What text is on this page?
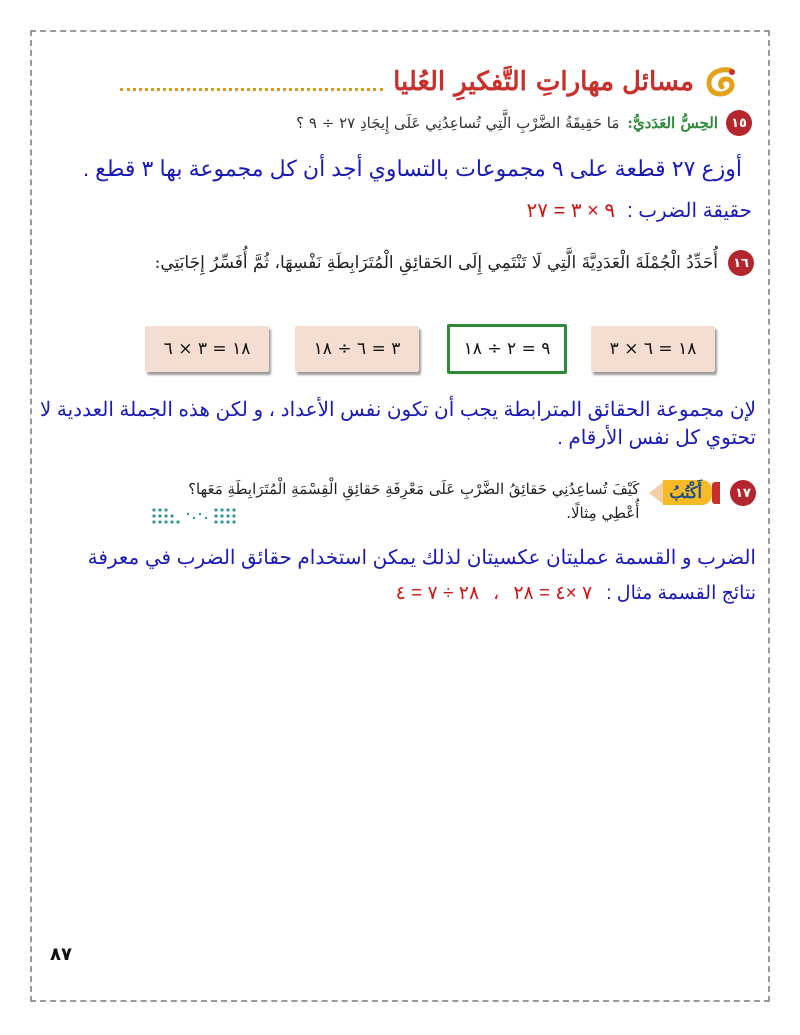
مسائل
مهاراتِ التَّفكيرِ العُليا
١٥
الحِسُّ العَدَديُّ:
مَا حَقِيقَةُ الضَّرْبِ الَّتِي تُساعِدُنِي عَلَى إِيجَادِ ٢٧ ÷ ٩ ؟
أوزع ٢٧ قطعة على ٩ مجموعات بالتساوي أجد أن كل مجموعة بها ٣ قطع .
حقيقة الضرب :
٩ × ٣ = ٢٧
١٦
أُحَدِّدُ الْجُمْلَةَ الْعَدَدِيَّةَ الَّتِي لَا تَنْتَمِي إِلَى الحَقائِقِ الْمُتَرَابِطَةِ نَفْسِهَا، ثُمَّ أُفَسِّرُ إِجَابَتِي:
١٨ = ٣ × ٦	٣ = ٦ ÷ ١٨	٩ = ٢ ÷ ١٨	١٨ = ٦ × ٣
لإن مجموعة الحقائق المترابطة يجب أن تكون نفس الأعداد ، و لكن هذه الجملة العددية لا تحتوي كل نفس الأرقام .
١٧
أَكْتُبُ
كَيْفَ تُساعِدُنِي حَقائِقُ الضَّرْبِ عَلَى مَعْرِفَةِ حَقائِقِ الْقِسْمَةِ الْمُتَرَابِطَةِ مَعَها؟
أُعْطِي مِثالًا.
الضرب و القسمة عمليتان عكسيتان لذلك يمكن استخدام حقائق الضرب في معرفة
نتائج القسمة مثال :
٧ ×٤ = ٢٨
،
٢٨ ÷ ٧ = ٤
٨٧
